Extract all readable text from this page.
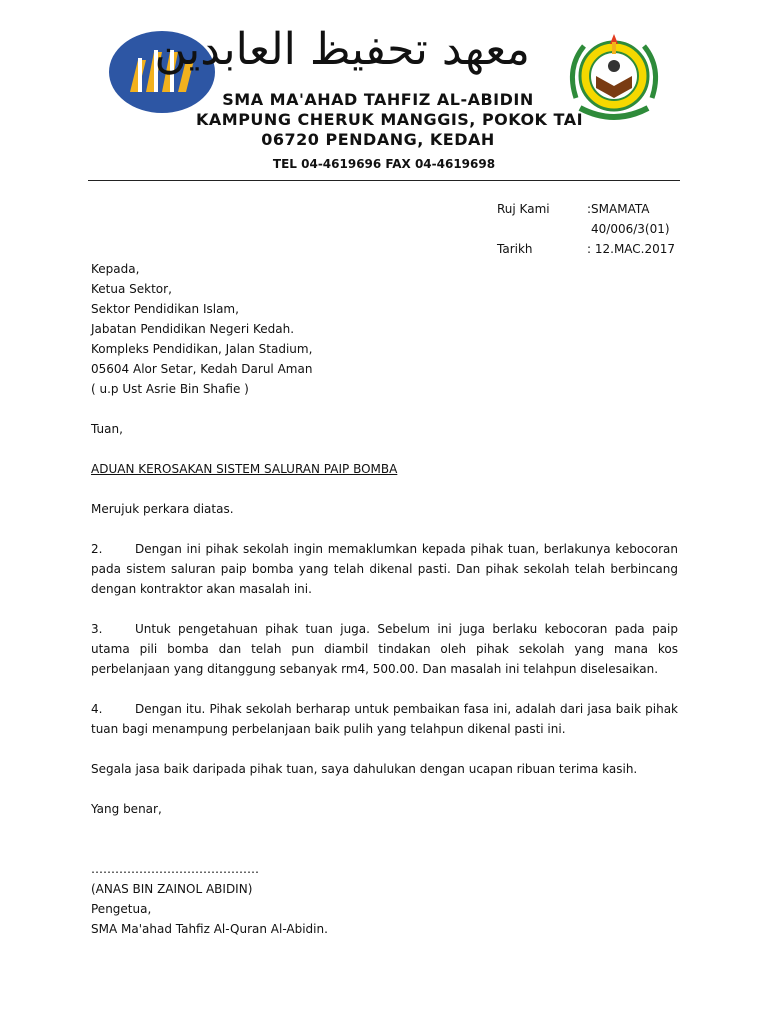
معهد تحفيظ العابدين
SMA MA'AHAD TAHFIZ AL-ABIDIN
KAMPUNG CHERUK MANGGIS, POKOK TAI
06720 PENDANG, KEDAH
TEL 04-4619696 FAX 04-4619698
Ruj Kami	:SMAMATA
40/006/3(01)
Tarikh	: 12.MAC.2017
Kepada,
Ketua Sektor,
Sektor Pendidikan Islam,
Jabatan Pendidikan Negeri Kedah.
Kompleks Pendidikan, Jalan Stadium,
05604 Alor Setar, Kedah Darul Aman
( u.p Ust Asrie Bin Shafie )
Tuan,
ADUAN KEROSAKAN SISTEM SALURAN PAIP BOMBA
Merujuk perkara diatas.
2.	Dengan ini pihak sekolah ingin memaklumkan kepada pihak tuan, berlakunya kebocoran pada sistem saluran paip bomba yang telah dikenal pasti. Dan pihak sekolah telah berbincang dengan kontraktor akan masalah ini.
3.	Untuk pengetahuan pihak tuan juga. Sebelum ini juga berlaku kebocoran pada paip utama pili bomba dan telah pun diambil tindakan oleh pihak sekolah yang mana kos perbelanjaan yang ditanggung sebanyak rm4, 500.00. Dan masalah ini telahpun diselesaikan.
4.	Dengan itu. Pihak sekolah berharap untuk pembaikan fasa ini, adalah dari jasa baik pihak tuan bagi menampung perbelanjaan baik pulih yang telahpun dikenal pasti ini.
Segala jasa baik daripada pihak tuan, saya dahulukan dengan ucapan ribuan terima kasih.
Yang benar,
……………………………………
(ANAS BIN ZAINOL ABIDIN)
Pengetua,
SMA Ma'ahad Tahfiz Al-Quran Al-Abidin.
